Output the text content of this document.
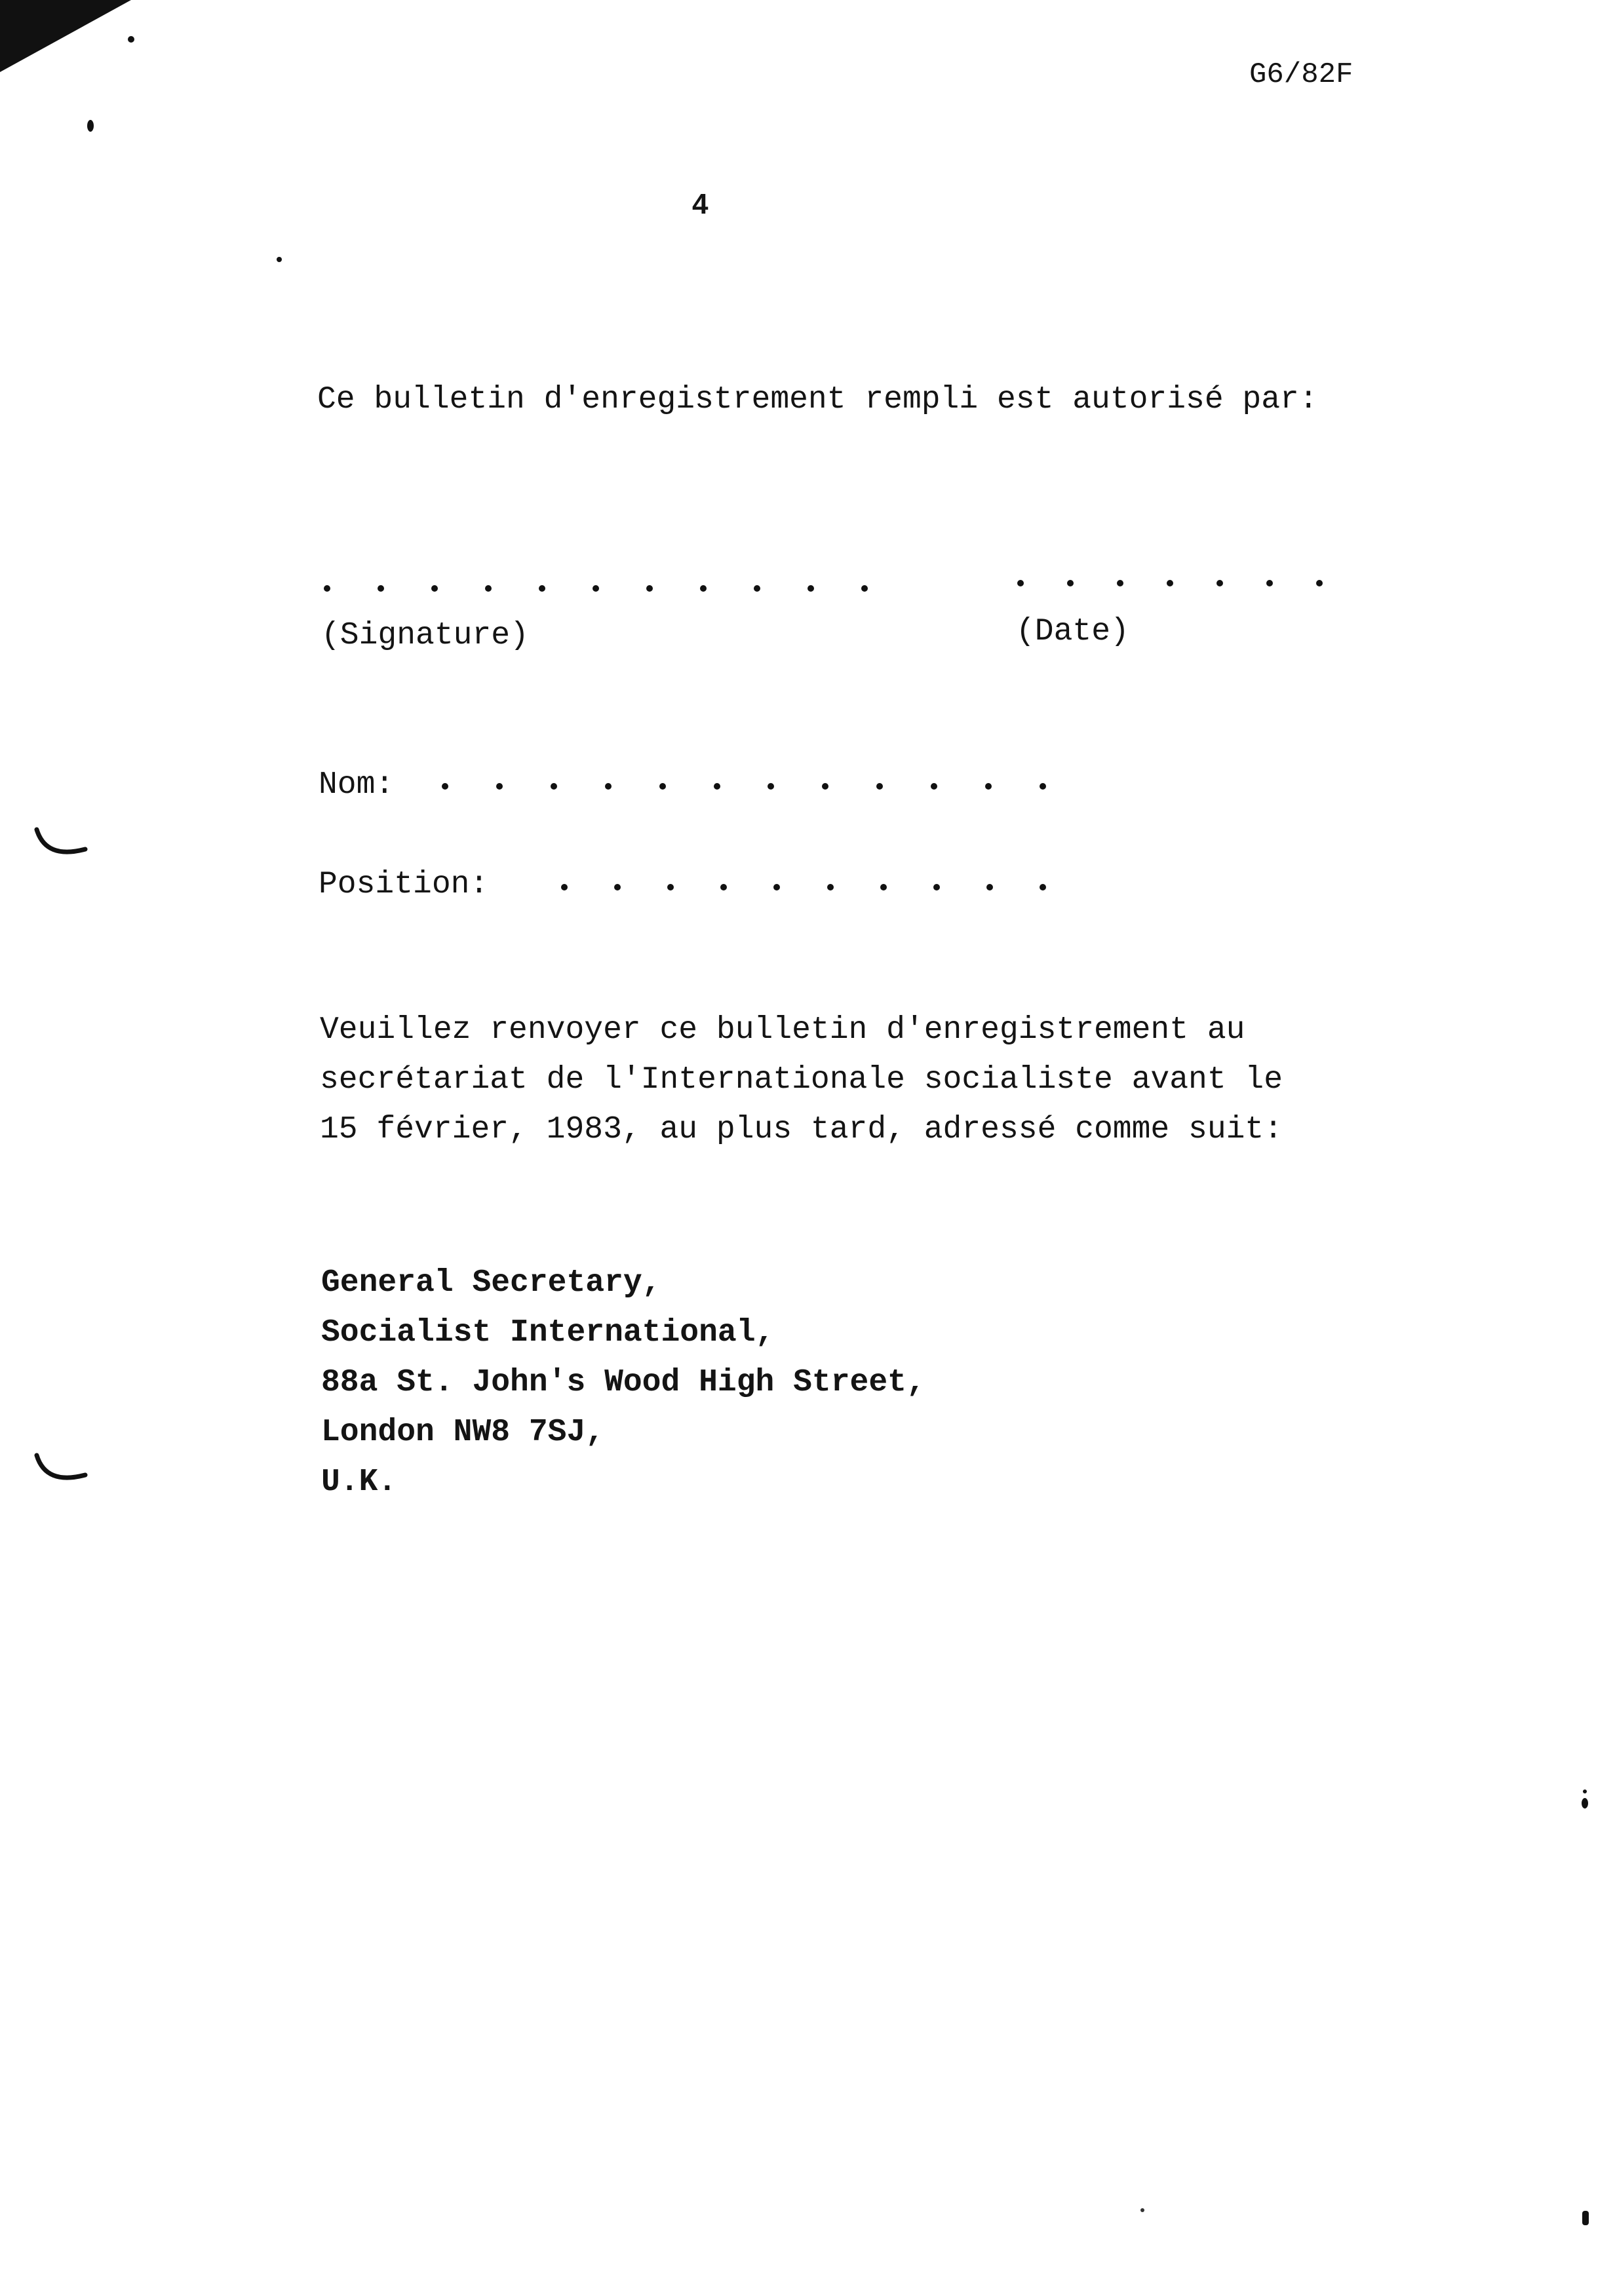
G6/82F
4
Ce bulletin d'enregistrement rempli est autorisé par:
(Signature)	(Date)
Nom:
Position:
Veuillez renvoyer ce bulletin d'enregistrement au
secrétariat de l'Internationale socialiste avant le
15 février, 1983, au plus tard, adressé comme suit:
General Secretary,
Socialist International,
88a St. John's Wood High Street,
London NW8 7SJ,
U.K.
